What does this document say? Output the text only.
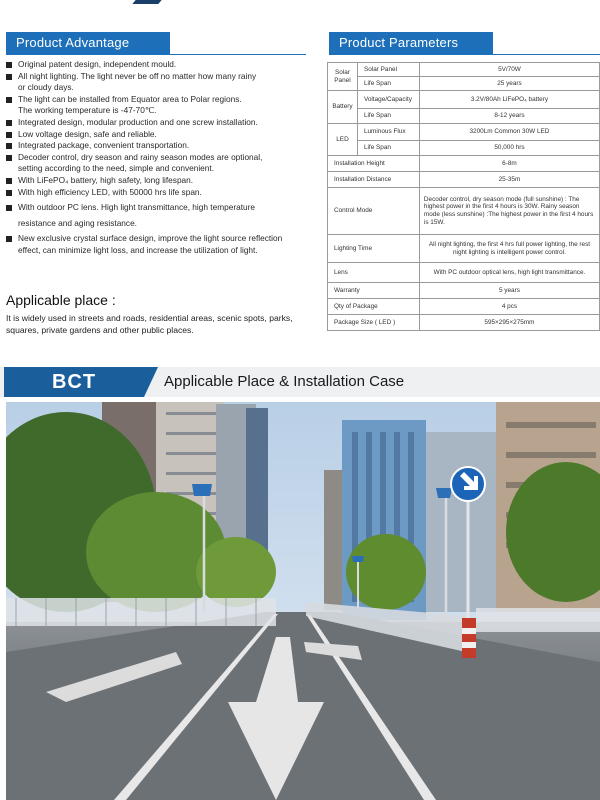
Product Advantage
Original patent design, independent mould.
All night lighting. The light never be off no matter how many rainy
or cloudy days.
The light can be installed from Equator area to Polar regions.
The working temperature is -47-70℃.
Integrated design, modular production and one screw installation.
Low voltage design, safe and reliable.
Integrated package, convenient transportation.
Decoder control, dry season and rainy season modes are optional,
setting according to the need, simple and convenient.
With LiFePO₄ battery, high safety, long lifespan.
With high efficiency LED, with 50000 hrs life span.
With outdoor PC lens. High light transmittance, high temperature
resistance and aging resistance.
New exclusive crystal surface design, improve the light source reflection
effect, can minimize light loss, and increase the utilization of light.
Applicable place :
It is widely used in streets and roads, residential areas, scenic spots, parks, squares, private gardens and other public places.
Product Parameters
Solar Panel	Solar Panel	5V/70W
	Life Span	25 years
Battery	Voltage/Capacity	3.2V/80Ah LiFePO₄ battery
	Life Span	8-12 years
LED	Luminous Flux	3200Lm Common 30W LED
	Life Span	50,000 hrs
Installation Height		6-8m
Installation Distance		25-35m
Control Mode		Decoder control, dry season mode (full sunshine) : The highest power in the first 4 hours is 30W. Rainy season mode (less sunshine) :The highest power in the first 4 hours is 15W.
Lighting Time		All night lighting, the first 4 hrs full power lighting, the rest night lighting is intelligent power control.
Lens		With PC outdoor optical lens, high light transmittance.
Warranty		5 years
Qty of Package		4 pcs
Package Size ( LED )		595×295×275mm
BCT	Applicable Place & Installation Case
